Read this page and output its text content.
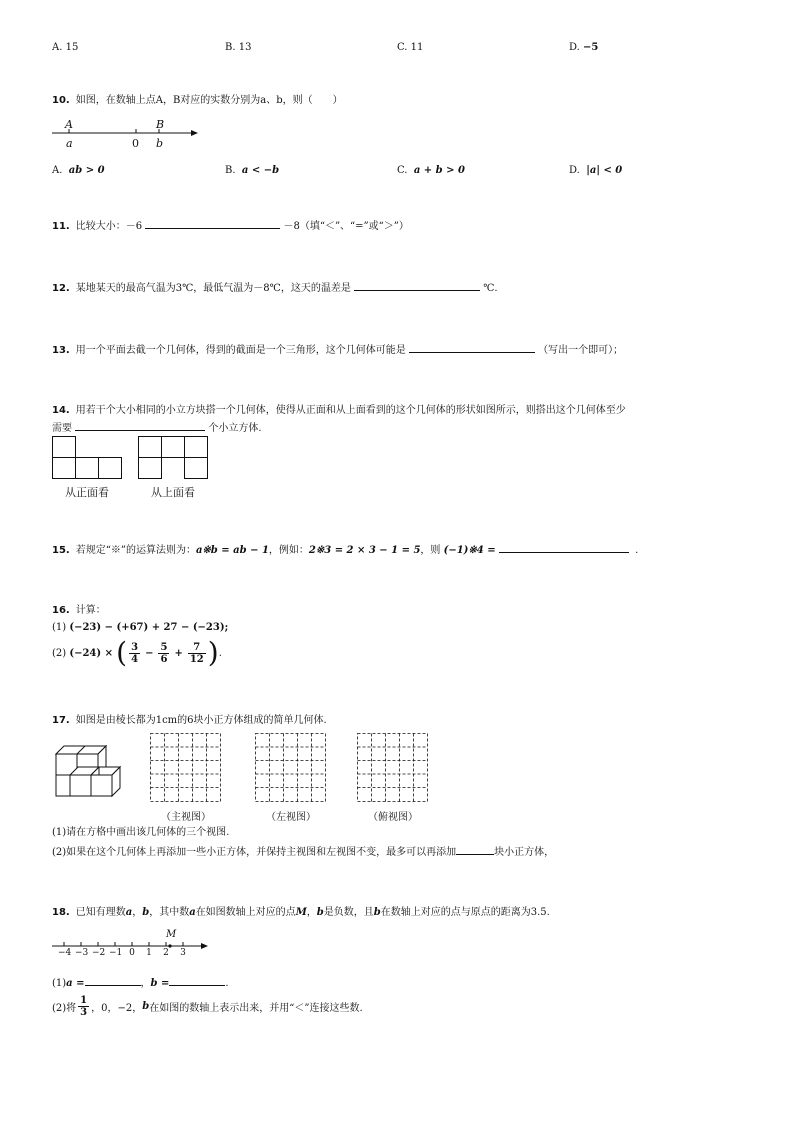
A. 15	B. 13	C. 11	D. −5
10. 如图，在数轴上点A，B对应的实数分别为a、b，则（　　）
A	B
a	0 b
A. ab > 0	B. a < −b	C. a + b > 0	D. |a| < 0
11. 比较大小：－6	－8（填“＜”、“=”或“＞”）
12. 某地某天的最高气温为3℃，最低气温为－8℃，这天的温差是	℃.
13. 用一个平面去截一个几何体，得到的截面是一个三角形，这个几何体可能是	（写出一个即可）；
14. 用若干个大小相同的小立方块搭一个几何体，使得从正面和从上面看到的这个几何体的形状如图所示，则搭出这个几何体至少
需要	个小立方体.
从正面看	从上面看
15. 若规定“※”的运算法则为：a※b = ab − 1，例如：2※3 = 2 × 3 − 1 = 5，则 (−1)※4 =	.
16. 计算：
(1) (−23) − (+67) + 27 − (−23);
(2)
(−24) ×
( $\frac{3}{4} - \frac{5}{6} + \frac{7}{12}$ ) .
17. 如图是由棱长都为1cm的6块小正方体组成的简单几何体.
（主视图）	（左视图）	（俯视图）
(1)请在方格中画出该几何体的三个视图.
(2)如果在这个几何体上再添加一些小正方体，并保持主视图和左视图不变，最多可以再添加	块小正方体，
18. 已知有理数a，b，其中数a在如图数轴上对应的点M，b是负数，且b在数轴上对应的点与原点的距离为3.5.
M
−4 −3 −2 −1 0	1	2	3
(1)a =	，b =	.
(2)将 $\frac{1}{3}$ ，0，−2， b 在如图的数轴上表示出来，并用“＜”连接这些数.
